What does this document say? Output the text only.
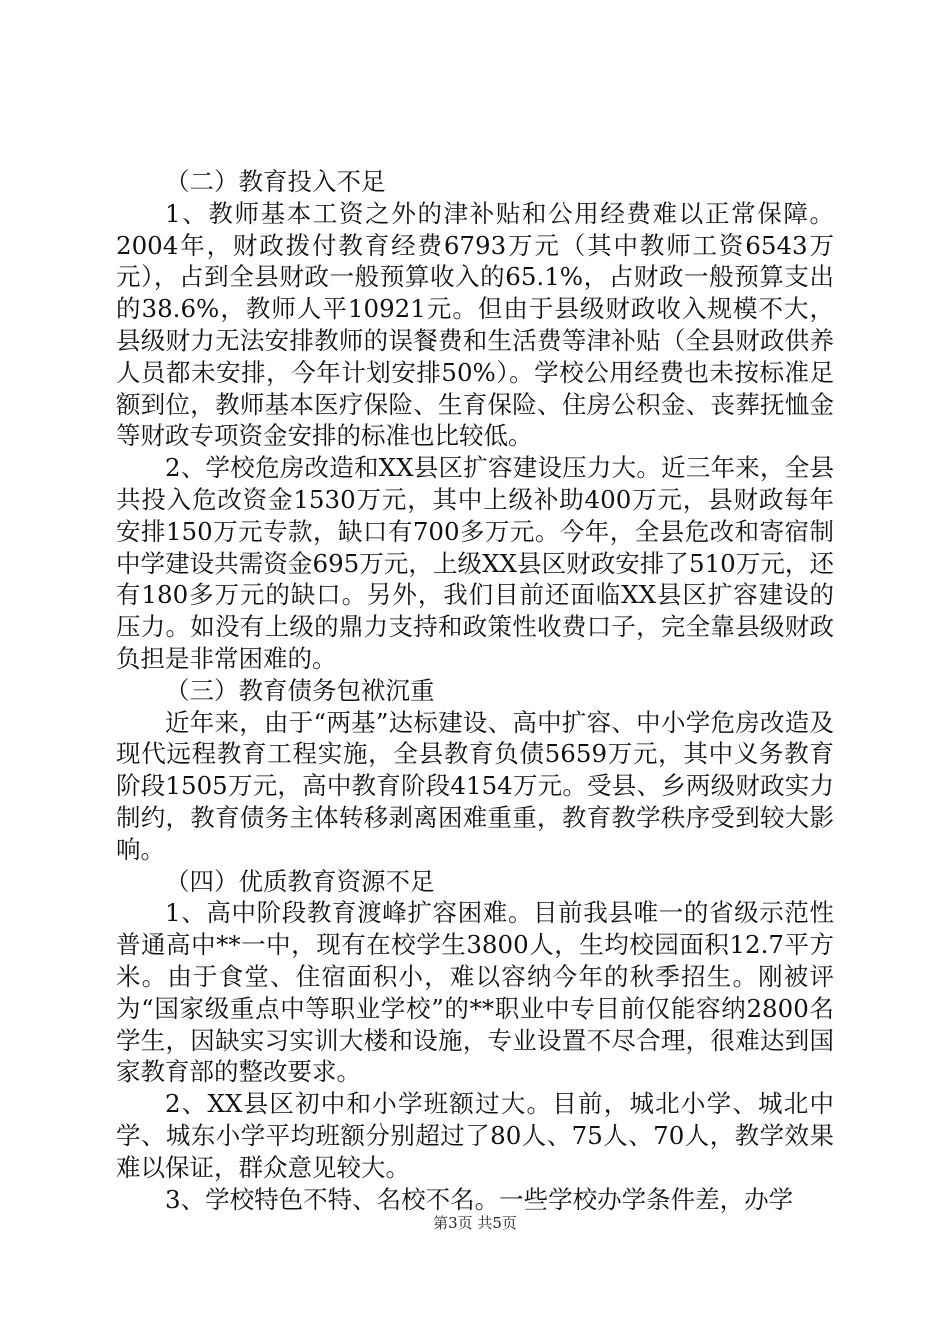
（二）教育投入不足

1、教师基本工资之外的津补贴和公用经费难以正常保障。2004年，财政拨付教育经费6793万元（其中教师工资6543万元），占到全县财政一般预算收入的65.1%，占财政一般预算支出的38.6%，教师人平10921元。但由于县级财政收入规模不大，县级财力无法安排教师的误餐费和生活费等津补贴（全县财政供养人员都未安排，今年计划安排50%）。学校公用经费也未按标准足额到位，教师基本医疗保险、生育保险、住房公积金、丧葬抚恤金等财政专项资金安排的标准也比较低。

2、学校危房改造和XX县区扩容建设压力大。近三年来，全县共投入危改资金1530万元，其中上级补助400万元，县财政每年安排150万元专款，缺口有700多万元。今年，全县危改和寄宿制中学建设共需资金695万元，上级XX县区财政安排了510万元，还有180多万元的缺口。另外，我们目前还面临XX县区扩容建设的压力。如没有上级的鼎力支持和政策性收费口子，完全靠县级财政负担是非常困难的。

（三）教育债务包袱沉重

近年来，由于“两基”达标建设、高中扩容、中小学危房改造及现代远程教育工程实施，全县教育负债5659万元，其中义务教育阶段1505万元，高中教育阶段4154万元。受县、乡两级财政实力制约，教育债务主体转移剥离困难重重，教育教学秩序受到较大影响。

（四）优质教育资源不足

1、高中阶段教育渡峰扩容困难。目前我县唯一的省级示范性普通高中**一中，现有在校学生3800人，生均校园面积12.7平方米。由于食堂、住宿面积小，难以容纳今年的秋季招生。刚被评为“国家级重点中等职业学校”的**职业中专目前仅能容纳2800名学生，因缺实习实训大楼和设施，专业设置不尽合理，很难达到国家教育部的整改要求。

2、XX县区初中和小学班额过大。目前，城北小学、城北中学、城东小学平均班额分别超过了80人、75人、70人，教学效果难以保证，群众意见较大。

3、学校特色不特、名校不名。一些学校办学条件差，办学

第3页 共5页
